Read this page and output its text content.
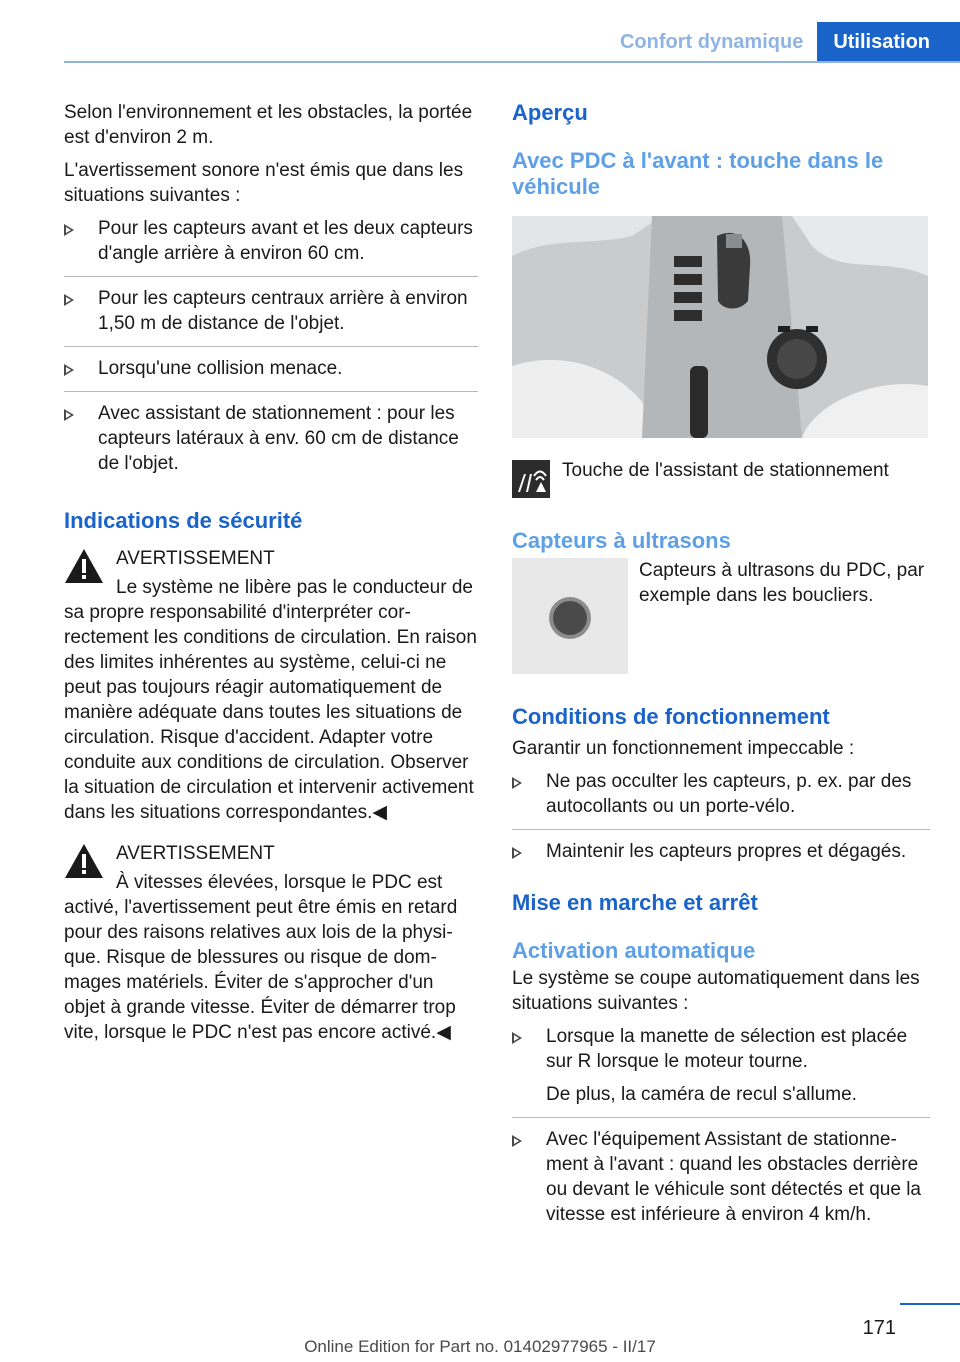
Confort dynamique	Utilisation

Selon l'environnement et les obstacles, la portée est d'environ 2 m.

L'avertissement sonore n'est émis que dans les situations suivantes :

Pour les capteurs avant et les deux capteurs d'angle arrière à environ 60 cm.
Pour les capteurs centraux arrière à environ 1,50 m de distance de l'objet.
Lorsqu'une collision menace.
Avec assistant de stationnement : pour les capteurs latéraux à env. 60 cm de distance de l'objet.
Indications de sécurité
AVERTISSEMENT

Le système ne libère pas le conducteur de sa propre responsabilité d'interpréter correctement les conditions de circulation. En raison des limites inhérentes au système, celui-ci ne peut pas toujours réagir automatiquement de manière adéquate dans toutes les situations de circulation. Risque d'accident. Adapter votre conduite aux conditions de circulation. Observer la situation de circulation et intervenir activement dans les situations correspondantes.◀

AVERTISSEMENT

À vitesses élevées, lorsque le PDC est activé, l'avertissement peut être émis en retard pour des raisons relatives aux lois de la physique. Risque de blessures ou risque de dommages matériels. Éviter de s'approcher d'un objet à grande vitesse. Éviter de démarrer trop vite, lorsque le PDC n'est pas encore activé.◀

Aperçu
Avec PDC à l'avant : touche dans le véhicule
Touche de l'assistant de stationnement
Capteurs à ultrasons
Capteurs à ultrasons du PDC, par exemple dans les boucliers.
Conditions de fonctionnement

Garantir un fonctionnement impeccable :

Ne pas occulter les capteurs, p. ex. par des autocollants ou un porte-vélo.
Maintenir les capteurs propres et dégagés.
Mise en marche et arrêt
Activation automatique

Le système se coupe automatiquement dans les situations suivantes :

Lorsque la manette de sélection est placée sur R lorsque le moteur tourne.
De plus, la caméra de recul s'allume.
Avec l'équipement Assistant de stationnement à l'avant : quand les obstacles derrière ou devant le véhicule sont détectés et que la vitesse est inférieure à environ 4 km/h.
171
Online Edition for Part no. 01402977965 - II/17
